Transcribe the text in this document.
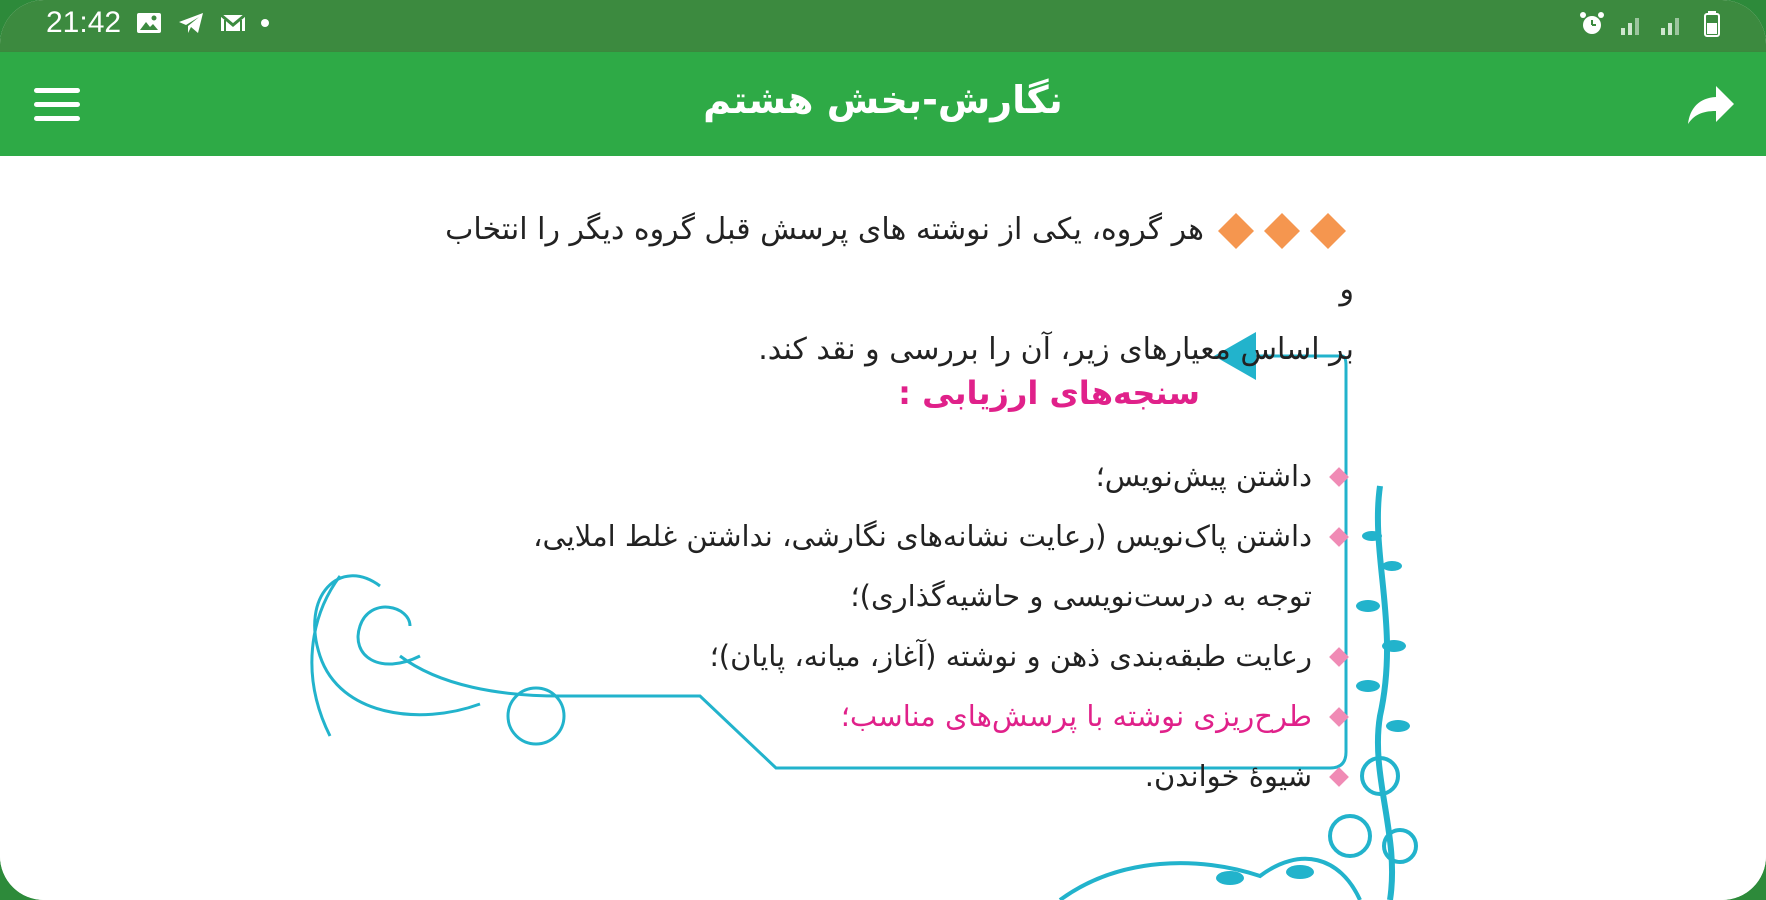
21:42
نگارش-بخش هشتم
هر گروه، یکی از نوشته های پرسش قبل گروه دیگر را انتخاب و
بر اساس معیارهای زیر، آن را بررسی و نقد کند.
سنجه‌های ارزیابی :
داشتن پیش‌نویس؛
داشتن پاک‌نویس (رعایت نشانه‌های نگارشی، نداشتن غلط املایی،
توجه به درست‌نویسی و حاشیه‌گذاری)؛
رعایت طبقه‌بندی ذهن و نوشته (آغاز، میانه، پایان)؛
طرح‌ریزی نوشته با پرسش‌های مناسب؛
شیوهٔ خواندن.
